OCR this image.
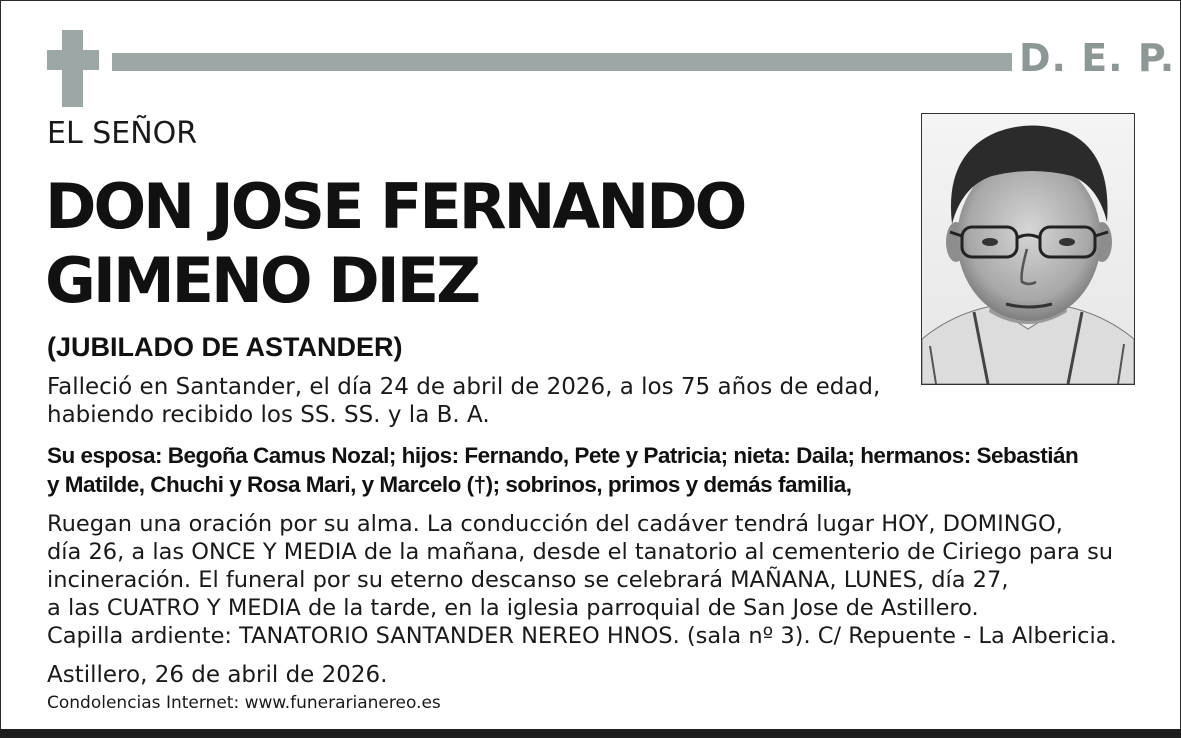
D. E. P.
EL SEÑOR
DON JOSE FERNANDO
GIMENO DIEZ
(JUBILADO DE ASTANDER)
Falleció en Santander, el día 24 de abril de 2026, a los 75 años de edad,
habiendo recibido los SS. SS. y la B. A.
Su esposa: Begoña Camus Nozal; hijos: Fernando, Pete y Patricia; nieta: Daila; hermanos: Sebastián
y Matilde, Chuchi y Rosa Mari, y Marcelo (†); sobrinos, primos y demás familia,
Ruegan una oración por su alma. La conducción del cadáver tendrá lugar HOY, DOMINGO,
día 26, a las ONCE Y MEDIA de la mañana, desde el tanatorio al cementerio de Ciriego para su
incineración. El funeral por su eterno descanso se celebrará MAÑANA, LUNES, día 27,
a las CUATRO Y MEDIA de la tarde, en la iglesia parroquial de San Jose de Astillero.
Capilla ardiente: TANATORIO SANTANDER NEREO HNOS. (sala nº 3). C/ Repuente - La Albericia.
Astillero, 26 de abril de 2026.
Condolencias Internet: www.funerarianereo.es
